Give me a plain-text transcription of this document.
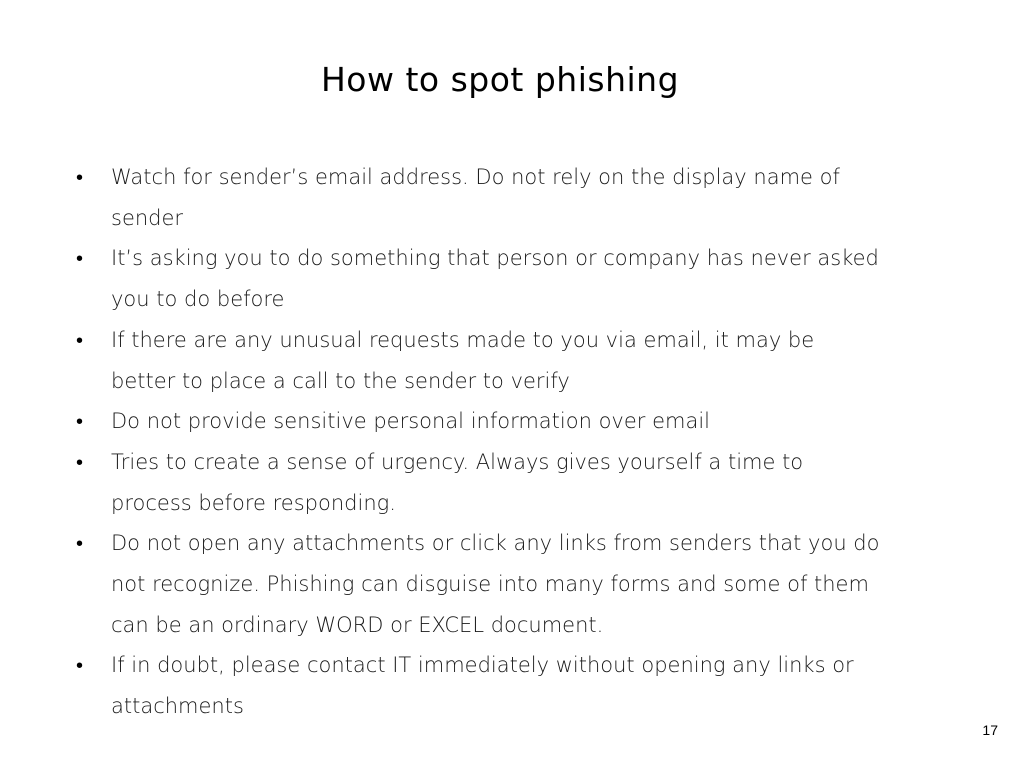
How to spot phishing
•	Watch for sender’s email address. Do not rely on the display name of
sender
•	It’s asking you to do something that person or company has never asked
you to do before
•	If there are any unusual requests made to you via email, it may be
better to place a call to the sender to verify
•	Do not provide sensitive personal information over email
•	Tries to create a sense of urgency. Always gives yourself a time to
process before responding.
•	Do not open any attachments or click any links from senders that you do
not recognize. Phishing can disguise into many forms and some of them
can be an ordinary WORD or EXCEL document.
•	If in doubt, please contact IT immediately without opening any links or
attachments
17
